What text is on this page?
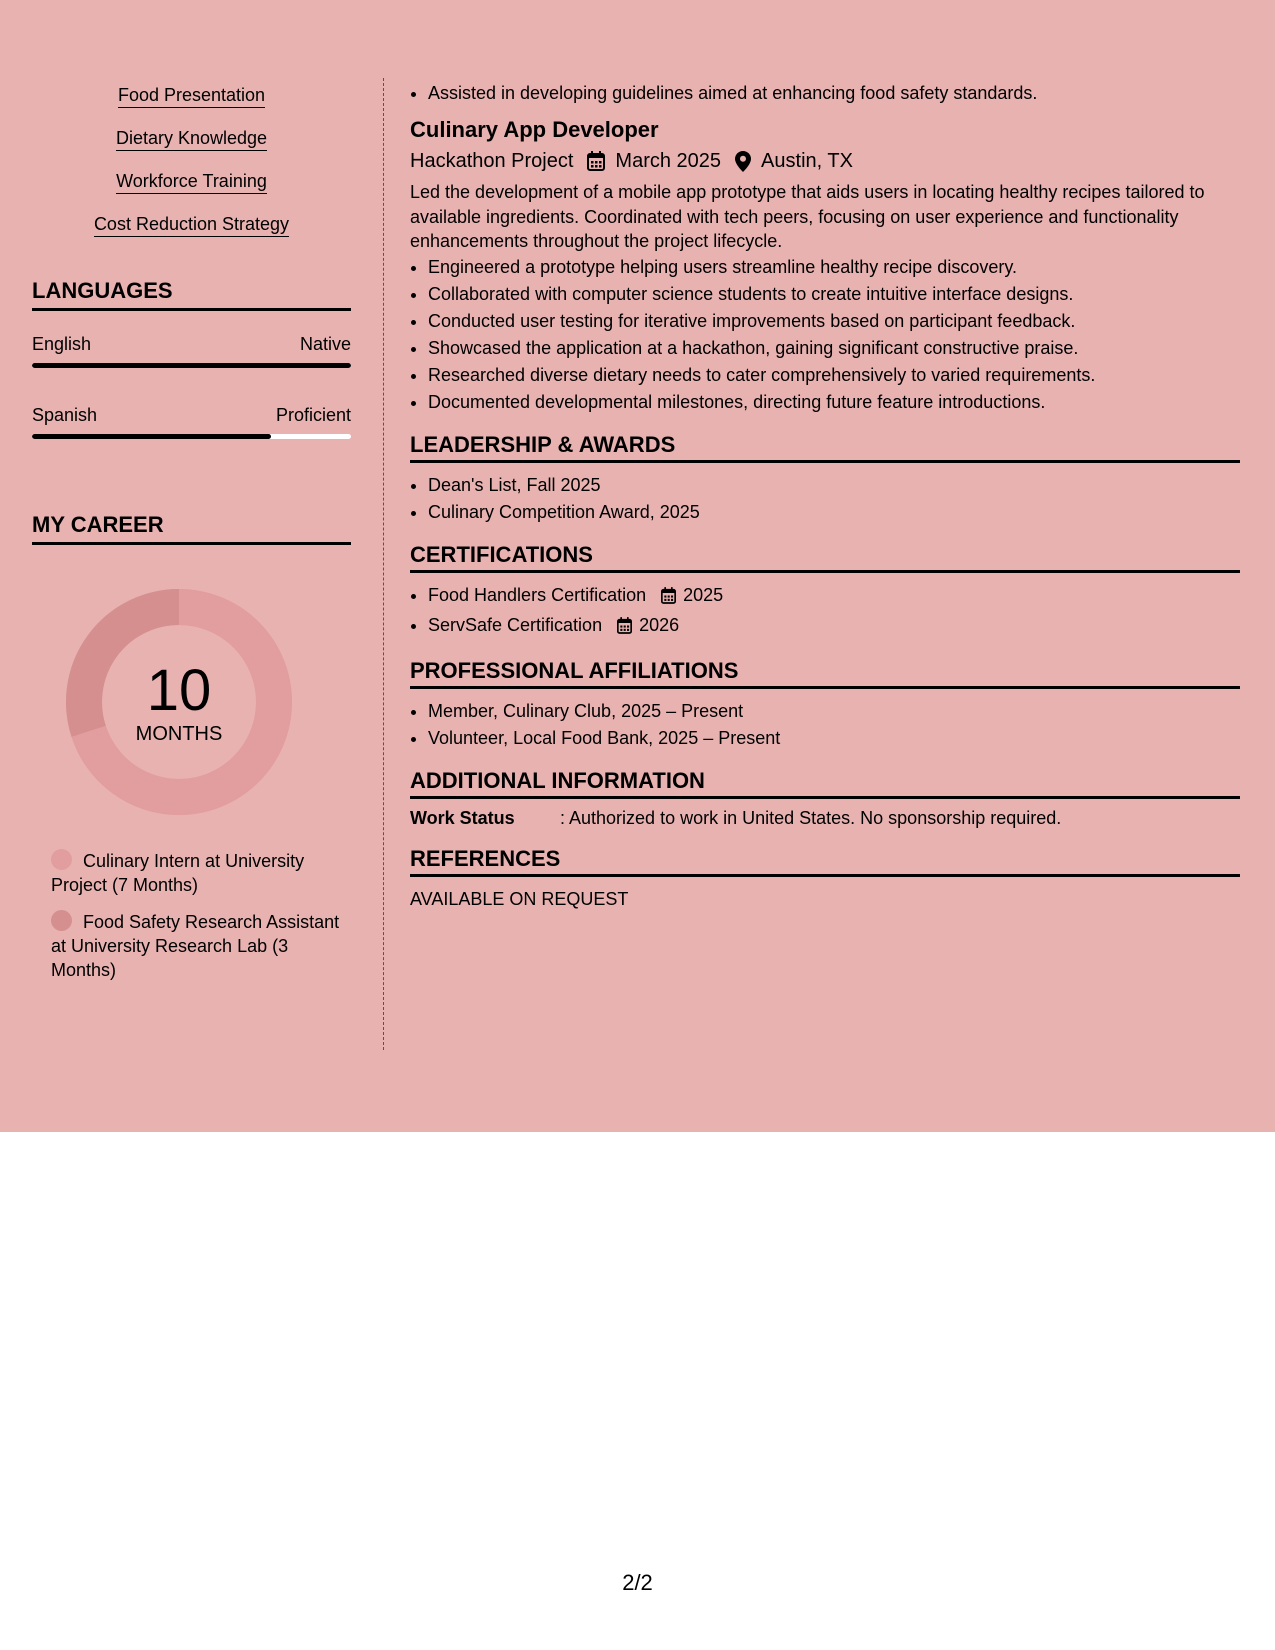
Food Presentation
Dietary Knowledge
Workforce Training
Cost Reduction Strategy
LANGUAGES
English	Native
Spanish	Proficient
MY CAREER
10
MONTHS
Culinary Intern at University Project (7 Months)
Food Safety Research Assistant at University Research Lab (3 Months)
• Assisted in developing guidelines aimed at enhancing food safety standards.
Culinary App Developer
Hackathon Project March 2025 Austin, TX
Led the development of a mobile app prototype that aids users in locating healthy recipes tailored to available ingredients. Coordinated with tech peers, focusing on user experience and functionality enhancements throughout the project lifecycle.
• Engineered a prototype helping users streamline healthy recipe discovery.
• Collaborated with computer science students to create intuitive interface designs.
• Conducted user testing for iterative improvements based on participant feedback.
• Showcased the application at a hackathon, gaining significant constructive praise.
• Researched diverse dietary needs to cater comprehensively to varied requirements.
• Documented developmental milestones, directing future feature introductions.
LEADERSHIP & AWARDS
• Dean's List, Fall 2025
• Culinary Competition Award, 2025
CERTIFICATIONS
• Food Handlers Certification 2025
• ServSafe Certification 2026
PROFESSIONAL AFFILIATIONS
• Member, Culinary Club, 2025 – Present
• Volunteer, Local Food Bank, 2025 – Present
ADDITIONAL INFORMATION
Work Status	: Authorized to work in United States. No sponsorship required.
REFERENCES
AVAILABLE ON REQUEST
2/2
